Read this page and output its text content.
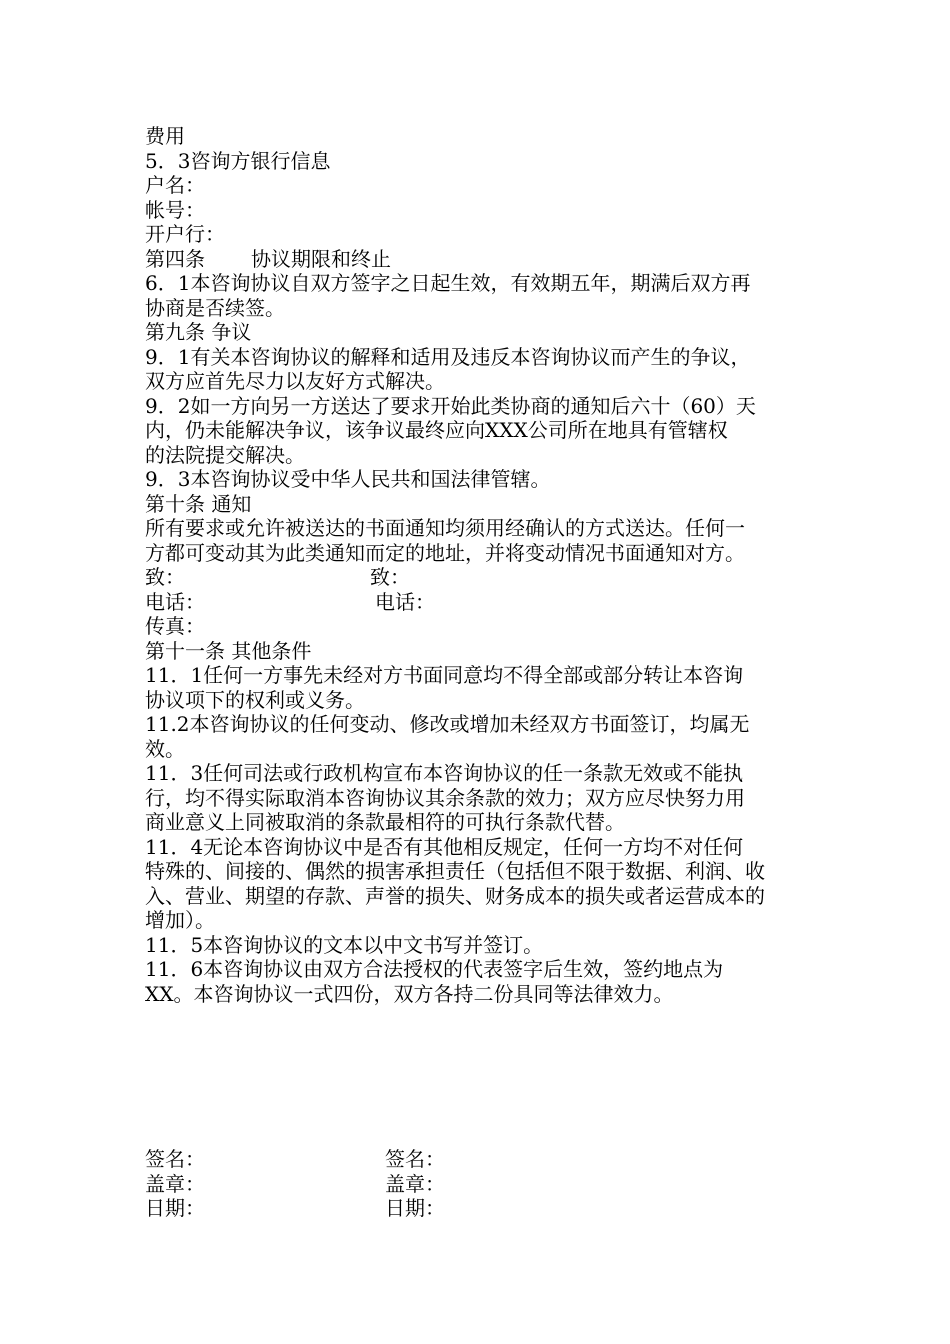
费用
5．3咨询方银行信息
户名：
帐号：
开户行：
第四条 协议期限和终止
6．1本咨询协议自双方签字之日起生效，有效期五年，期满后双方再
协商是否续签。
第九条 争议
9．1有关本咨询协议的解释和适用及违反本咨询协议而产生的争议，
双方应首先尽力以友好方式解决。
9．2如一方向另一方送达了要求开始此类协商的通知后六十（60）天
内，仍未能解决争议，该争议最终应向XXX公司所在地具有管辖权
的法院提交解决。
9．3本咨询协议受中华人民共和国法律管辖。
第十条 通知
所有要求或允许被送达的书面通知均须用经确认的方式送达。任何一
方都可变动其为此类通知而定的地址，并将变动情况书面通知对方。
致：	致：
电话：	电话：
传真：
第十一条 其他条件
11．1任何一方事先未经对方书面同意均不得全部或部分转让本咨询
协议项下的权利或义务。
11.2本咨询协议的任何变动、修改或增加未经双方书面签订，均属无
效。
11．3任何司法或行政机构宣布本咨询协议的任一条款无效或不能执
行，均不得实际取消本咨询协议其余条款的效力；双方应尽快努力用
商业意义上同被取消的条款最相符的可执行条款代替。
11．4无论本咨询协议中是否有其他相反规定，任何一方均不对任何
特殊的、间接的、偶然的损害承担责任（包括但不限于数据、利润、收
入、营业、期望的存款、声誉的损失、财务成本的损失或者运营成本的
增加）。
11．5本咨询协议的文本以中文书写并签订。
11．6本咨询协议由双方合法授权的代表签字后生效，签约地点为
XX。本咨询协议一式四份，双方各持二份具同等法律效力。
签名：	签名：
盖章：	盖章：
日期：	日期：
